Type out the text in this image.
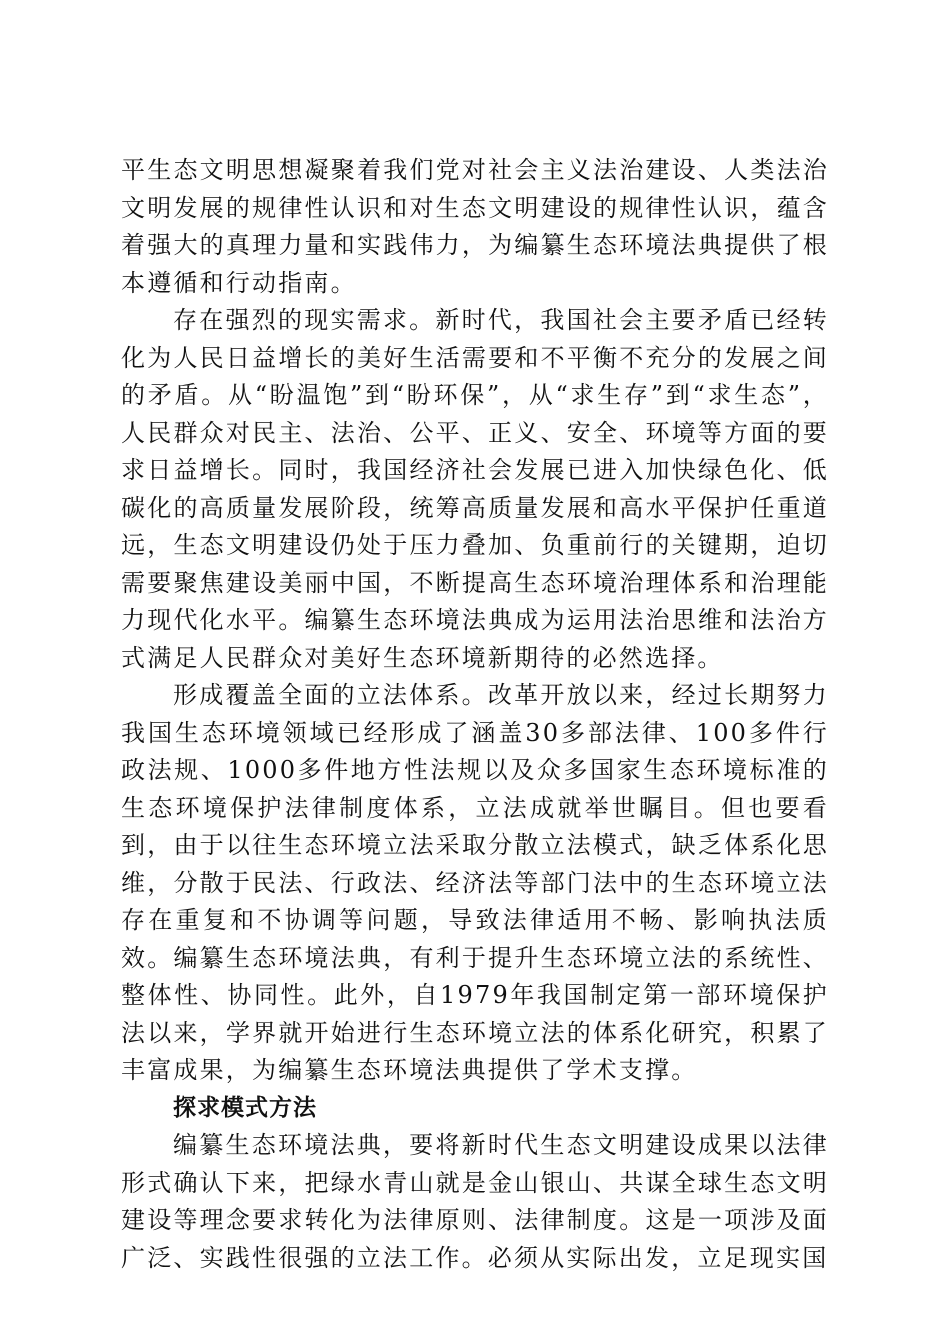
平生态文明思想凝聚着我们党对社会主义法治建设、人类法治文明发展的规律性认识和对生态文明建设的规律性认识，蕴含着强大的真理力量和实践伟力，为编纂生态环境法典提供了根本遵循和行动指南。

存在强烈的现实需求。新时代，我国社会主要矛盾已经转化为人民日益增长的美好生活需要和不平衡不充分的发展之间的矛盾。从“盼温饱”到“盼环保”，从“求生存”到“求生态”，人民群众对民主、法治、公平、正义、安全、环境等方面的要求日益增长。同时，我国经济社会发展已进入加快绿色化、低碳化的高质量发展阶段，统筹高质量发展和高水平保护任重道远，生态文明建设仍处于压力叠加、负重前行的关键期，迫切需要聚焦建设美丽中国，不断提高生态环境治理体系和治理能力现代化水平。编纂生态环境法典成为运用法治思维和法治方式满足人民群众对美好生态环境新期待的必然选择。

形成覆盖全面的立法体系。改革开放以来，经过长期努力我国生态环境领域已经形成了涵盖30多部法律、100多件行政法规、1000多件地方性法规以及众多国家生态环境标准的生态环境保护法律制度体系，立法成就举世瞩目。但也要看到，由于以往生态环境立法采取分散立法模式，缺乏体系化思维，分散于民法、行政法、经济法等部门法中的生态环境立法存在重复和不协调等问题，导致法律适用不畅、影响执法质效。编纂生态环境法典，有利于提升生态环境立法的系统性、整体性、协同性。此外，自1979年我国制定第一部环境保护法以来，学界就开始进行生态环境立法的体系化研究，积累了丰富成果，为编纂生态环境法典提供了学术支撑。

探求模式方法

编纂生态环境法典，要将新时代生态文明建设成果以法律形式确认下来，把绿水青山就是金山银山、共谋全球生态文明建设等理念要求转化为法律原则、法律制度。这是一项涉及面广泛、实践性很强的立法工作。必须从实际出发，立足现实国
